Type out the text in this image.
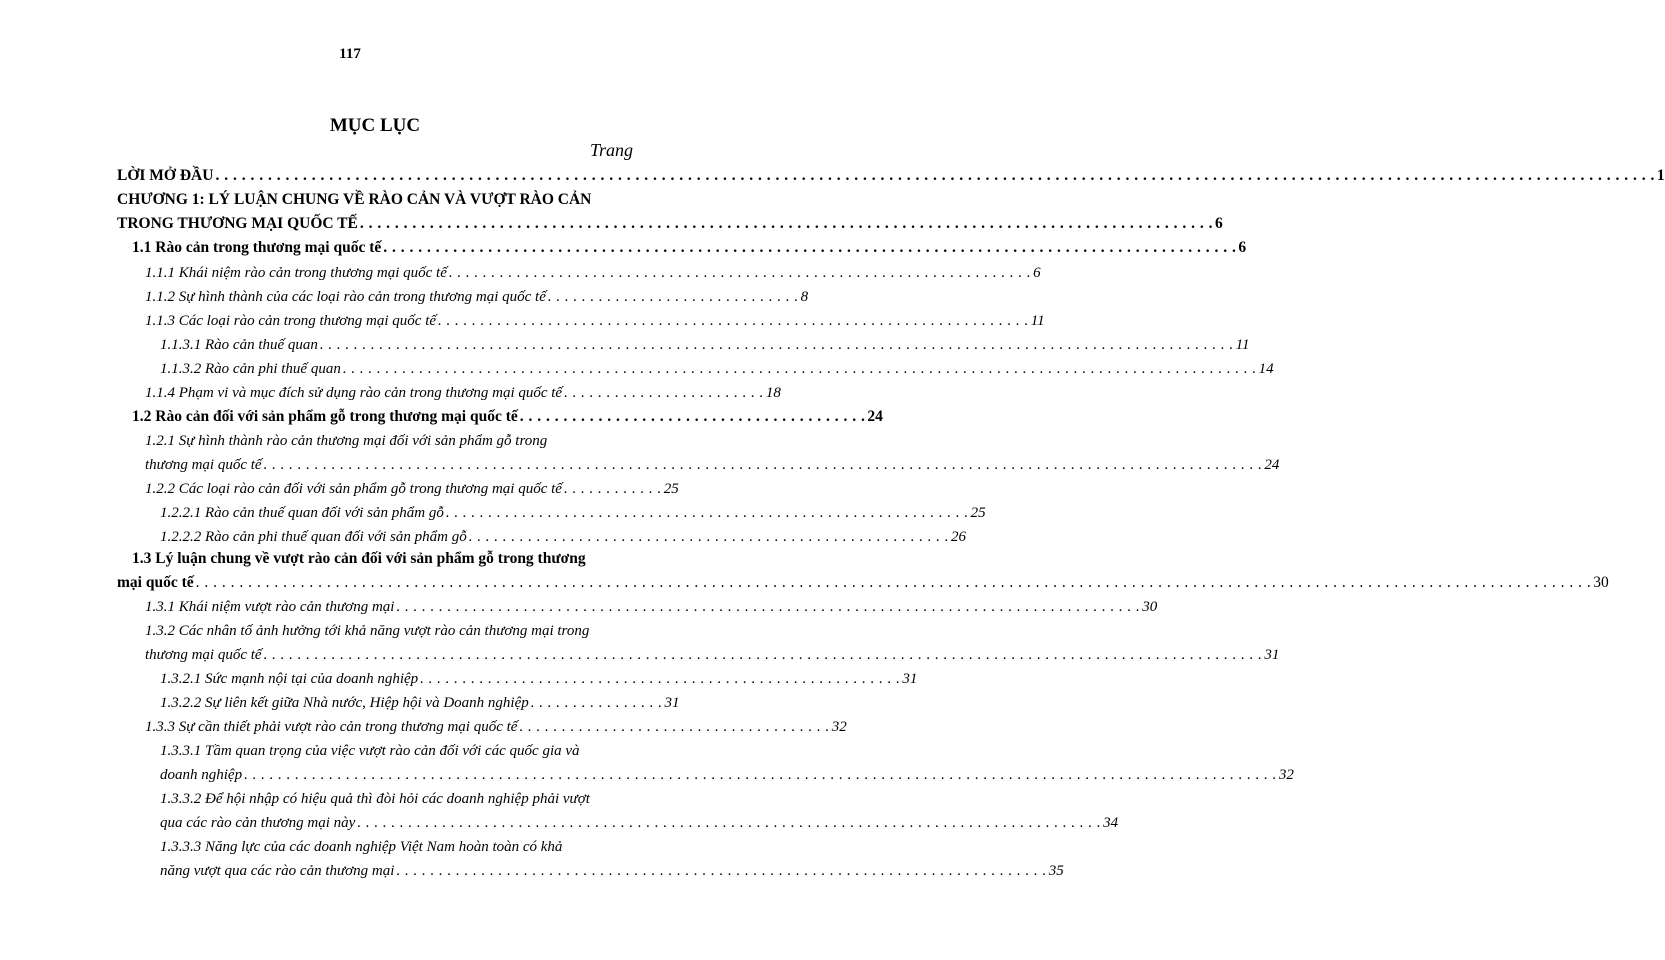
117
MỤC LỤC
Trang
LỜI MỞ ĐẦU . . . . . . . . . . . . . . . . . . . . . . . . . . . . . . . . . . . . . . . . . . . . . . . . . . . . . . . . . . . . . . . . . . . . . . . . . . . . . . . . . . . . . . . . . . . . . . . . . . . . . . . . . . . . . . . . . . . . . . . . . . . . . . . . . . . . . . . . . . . . . . . . . . . . . . . . . . . . . . . . . . . . . 1
CHƯƠNG 1: LÝ LUẬN CHUNG VỀ RÀO CẢN VÀ VƯỢT RÀO CẢN
TRONG THƯƠNG MẠI QUỐC TẾ . . . . . . . . . . . . . . . . . . . . . . . . . . . . . . . . . . . . . . . . . . . . . . . . . . . . . . . . . . . . . . . . . . . . . . . . . . . . . . . . . . . . . . . . . . . . . . . . . . 6
1.1 Rào cản trong thương mại quốc tế . . . . . . . . . . . . . . . . . . . . . . . . . . . . . . . . . . . . . . . . . . . . . . . . . . . . . . . . . . . . . . . . . . . . . . . . . . . . . . . . . . . . . . . . . . . . . . . . . . 6
1.1.1 Khái niệm rào cản trong thương mại quốc tế . . . . . . . . . . . . . . . . . . . . . . . . . . . . . . . . . . . . . . . . . . . . . . . . . . . . . . . . . . . . . . . . . . . . . 6
1.1.2 Sự hình thành của các loại rào cản trong thương mại quốc tế . . . . . . . . . . . . . . . . . . . . . . . . . . . . . . 8
1.1.3 Các loại rào cản trong thương mại quốc tế . . . . . . . . . . . . . . . . . . . . . . . . . . . . . . . . . . . . . . . . . . . . . . . . . . . . . . . . . . . . . . . . . . . . . . 11
1.1.3.1 Rào cản thuế quan . . . . . . . . . . . . . . . . . . . . . . . . . . . . . . . . . . . . . . . . . . . . . . . . . . . . . . . . . . . . . . . . . . . . . . . . . . . . . . . . . . . . . . . . . . . . . . . . . . . . . . . . . . . . 11
1.1.3.2 Rào cản phi thuế quan . . . . . . . . . . . . . . . . . . . . . . . . . . . . . . . . . . . . . . . . . . . . . . . . . . . . . . . . . . . . . . . . . . . . . . . . . . . . . . . . . . . . . . . . . . . . . . . . . . . . . . . . . . . . 14
1.1.4 Phạm vi và mục đích sử dụng rào cản trong thương mại quốc tế . . . . . . . . . . . . . . . . . . . . . . . . 18
1.2 Rào cản đối với sản phẩm gỗ trong thương mại quốc tế . . . . . . . . . . . . . . . . . . . . . . . . . . . . . . . . . . . . . . . . 24
1.2.1 Sự hình thành rào cản thương mại đối với sản phẩm gỗ trong
thương mại quốc tế . . . . . . . . . . . . . . . . . . . . . . . . . . . . . . . . . . . . . . . . . . . . . . . . . . . . . . . . . . . . . . . . . . . . . . . . . . . . . . . . . . . . . . . . . . . . . . . . . . . . . . . . . . . . . . . . . . . . . . 24
1.2.2 Các loại rào cản đối với sản phẩm gỗ trong thương mại quốc tế . . . . . . . . . . . . 25
1.2.2.1 Rào cản thuế quan đối với sản phẩm gỗ . . . . . . . . . . . . . . . . . . . . . . . . . . . . . . . . . . . . . . . . . . . . . . . . . . . . . . . . . . . . . . 25
1.2.2.2 Rào cản phi thuế quan đối với sản phẩm gỗ . . . . . . . . . . . . . . . . . . . . . . . . . . . . . . . . . . . . . . . . . . . . . . . . . . . . . . . . . 26
1.3 Lý luận chung về vượt rào cản đối với sản phẩm gỗ trong thương
mại quốc tế . . . . . . . . . . . . . . . . . . . . . . . . . . . . . . . . . . . . . . . . . . . . . . . . . . . . . . . . . . . . . . . . . . . . . . . . . . . . . . . . . . . . . . . . . . . . . . . . . . . . . . . . . . . . . . . . . . . . . . . . . . . . . . . . . . . . . . . . . . . . . . . . . . . . . . . . . . . . . . . . 30
1.3.1 Khái niệm vượt rào cản thương mại . . . . . . . . . . . . . . . . . . . . . . . . . . . . . . . . . . . . . . . . . . . . . . . . . . . . . . . . . . . . . . . . . . . . . . . . . . . . . . . . . . . . . . . . 30
1.3.2 Các nhân tố ảnh hưởng tới khả năng vượt rào cản thương mại trong
thương mại quốc tế . . . . . . . . . . . . . . . . . . . . . . . . . . . . . . . . . . . . . . . . . . . . . . . . . . . . . . . . . . . . . . . . . . . . . . . . . . . . . . . . . . . . . . . . . . . . . . . . . . . . . . . . . . . . . . . . . . . . . . 31
1.3.2.1 Sức mạnh nội tại của doanh nghiệp . . . . . . . . . . . . . . . . . . . . . . . . . . . . . . . . . . . . . . . . . . . . . . . . . . . . . . . . . 31
1.3.2.2 Sự liên kết giữa Nhà nước, Hiệp hội và Doanh nghiệp . . . . . . . . . . . . . . . . 31
1.3.3 Sự cần thiết phải vượt rào cản trong thương mại quốc tế . . . . . . . . . . . . . . . . . . . . . . . . . . . . . . . . . . . . . 32
1.3.3.1 Tầm quan trọng của việc vượt rào cản đối với các quốc gia và
doanh nghiệp . . . . . . . . . . . . . . . . . . . . . . . . . . . . . . . . . . . . . . . . . . . . . . . . . . . . . . . . . . . . . . . . . . . . . . . . . . . . . . . . . . . . . . . . . . . . . . . . . . . . . . . . . . . . . . . . . . . . . . . . . . 32
1.3.3.2 Để hội nhập có hiệu quả thì đòi hỏi các doanh nghiệp phải vượt
qua các rào cản thương mại này . . . . . . . . . . . . . . . . . . . . . . . . . . . . . . . . . . . . . . . . . . . . . . . . . . . . . . . . . . . . . . . . . . . . . . . . . . . . . . . . . . . . . . . . 34
1.3.3.3 Năng lực của các doanh nghiệp Việt Nam hoàn toàn có khả
năng vượt qua các rào cản thương mại . . . . . . . . . . . . . . . . . . . . . . . . . . . . . . . . . . . . . . . . . . . . . . . . . . . . . . . . . . . . . . . . . . . . . . . . . . . . . 35
